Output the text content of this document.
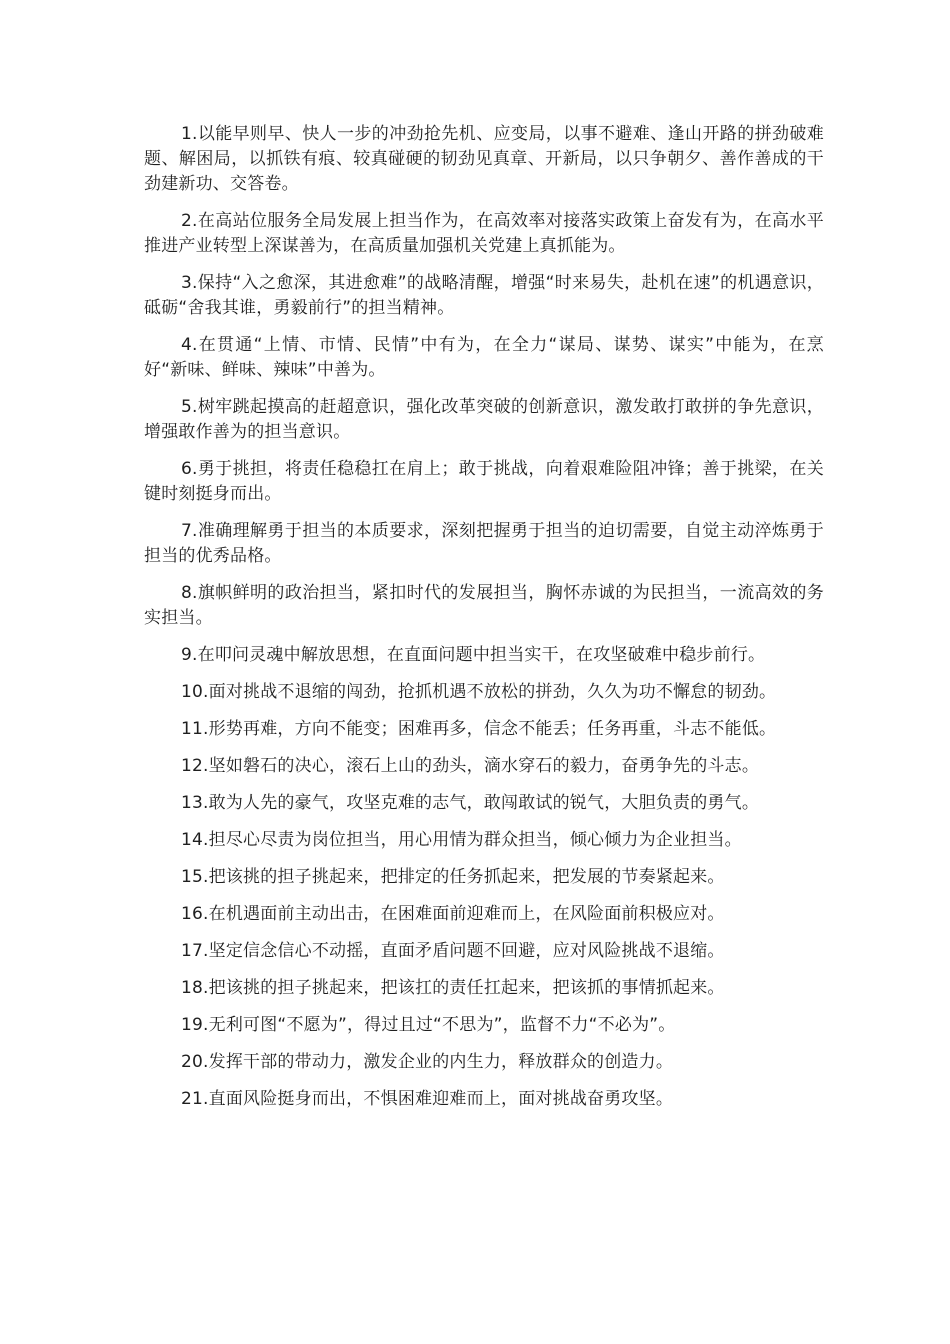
1.以能早则早、快人一步的冲劲抢先机、应变局，以事不避难、逢山开路的拼劲破难题、解困局，以抓铁有痕、较真碰硬的韧劲见真章、开新局，以只争朝夕、善作善成的干劲建新功、交答卷。

2.在高站位服务全局发展上担当作为，在高效率对接落实政策上奋发有为，在高水平推进产业转型上深谋善为，在高质量加强机关党建上真抓能为。

3.保持“入之愈深，其进愈难”的战略清醒，增强“时来易失，赴机在速”的机遇意识，砥砺“舍我其谁，勇毅前行”的担当精神。

4.在贯通“上情、市情、民情”中有为，在全力“谋局、谋势、谋实”中能为，在烹好“新味、鲜味、辣味”中善为。

5.树牢跳起摸高的赶超意识，强化改革突破的创新意识，激发敢打敢拼的争先意识，增强敢作善为的担当意识。

6.勇于挑担，将责任稳稳扛在肩上；敢于挑战，向着艰难险阻冲锋；善于挑梁，在关键时刻挺身而出。

7.准确理解勇于担当的本质要求，深刻把握勇于担当的迫切需要，自觉主动淬炼勇于担当的优秀品格。

8.旗帜鲜明的政治担当，紧扣时代的发展担当，胸怀赤诚的为民担当，一流高效的务实担当。

9.在叩问灵魂中解放思想，在直面问题中担当实干，在攻坚破难中稳步前行。

10.面对挑战不退缩的闯劲，抢抓机遇不放松的拼劲，久久为功不懈怠的韧劲。

11.形势再难，方向不能变；困难再多，信念不能丢；任务再重，斗志不能低。

12.坚如磐石的决心，滚石上山的劲头，滴水穿石的毅力，奋勇争先的斗志。

13.敢为人先的豪气，攻坚克难的志气，敢闯敢试的锐气，大胆负责的勇气。

14.担尽心尽责为岗位担当，用心用情为群众担当，倾心倾力为企业担当。

15.把该挑的担子挑起来，把排定的任务抓起来，把发展的节奏紧起来。

16.在机遇面前主动出击，在困难面前迎难而上，在风险面前积极应对。

17.坚定信念信心不动摇，直面矛盾问题不回避，应对风险挑战不退缩。

18.把该挑的担子挑起来，把该扛的责任扛起来，把该抓的事情抓起来。

19.无利可图“不愿为”，得过且过“不思为”，监督不力“不必为”。

20.发挥干部的带动力，激发企业的内生力，释放群众的创造力。

21.直面风险挺身而出，不惧困难迎难而上，面对挑战奋勇攻坚。
